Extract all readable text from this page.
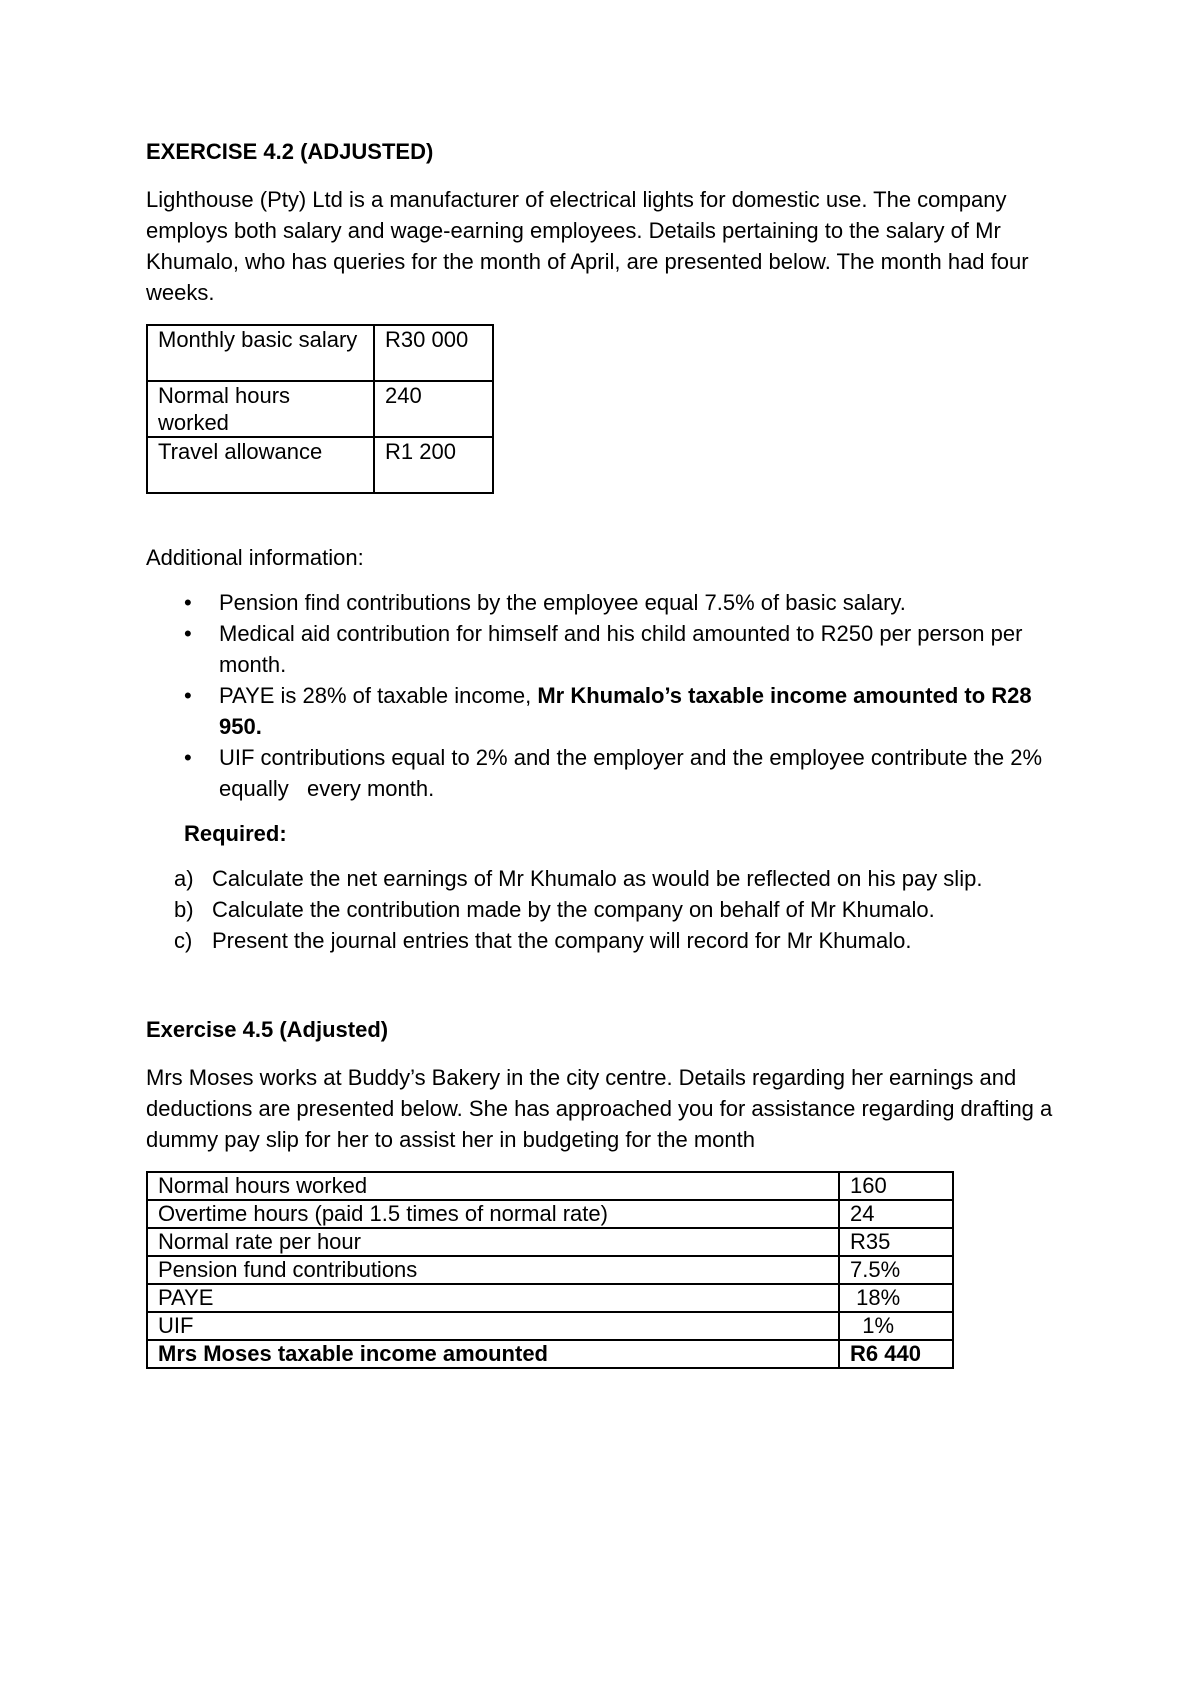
EXERCISE 4.2 (ADJUSTED)

Lighthouse (Pty) Ltd is a manufacturer of electrical lights for domestic use. The company employs both salary and wage-earning employees. Details pertaining to the salary of Mr Khumalo, who has queries for the month of April, are presented below. The month had four weeks.

Monthly basic salary	R30 000
Normal hours worked	240
Travel allowance	R1 200

Additional information:

• Pension find contributions by the employee equal 7.5% of basic salary.
• Medical aid contribution for himself and his child amounted to R250 per person per month.
• PAYE is 28% of taxable income, Mr Khumalo’s taxable income amounted to R28 950.
• UIF contributions equal to 2% and the employer and the employee contribute the 2% equally   every month.

Required:

a) Calculate the net earnings of Mr Khumalo as would be reflected on his pay slip.
b) Calculate the contribution made by the company on behalf of Mr Khumalo.
c) Present the journal entries that the company will record for Mr Khumalo.
Exercise 4.5 (Adjusted)

Mrs Moses works at Buddy’s Bakery in the city centre. Details regarding her earnings and deductions are presented below. She has approached you for assistance regarding drafting a dummy pay slip for her to assist her in budgeting for the month

Normal hours worked	160
Overtime hours (paid 1.5 times of normal rate)	24
Normal rate per hour	R35
Pension fund contributions	7.5%
PAYE	18%
UIF	1%
Mrs Moses taxable income amounted	R6 440
